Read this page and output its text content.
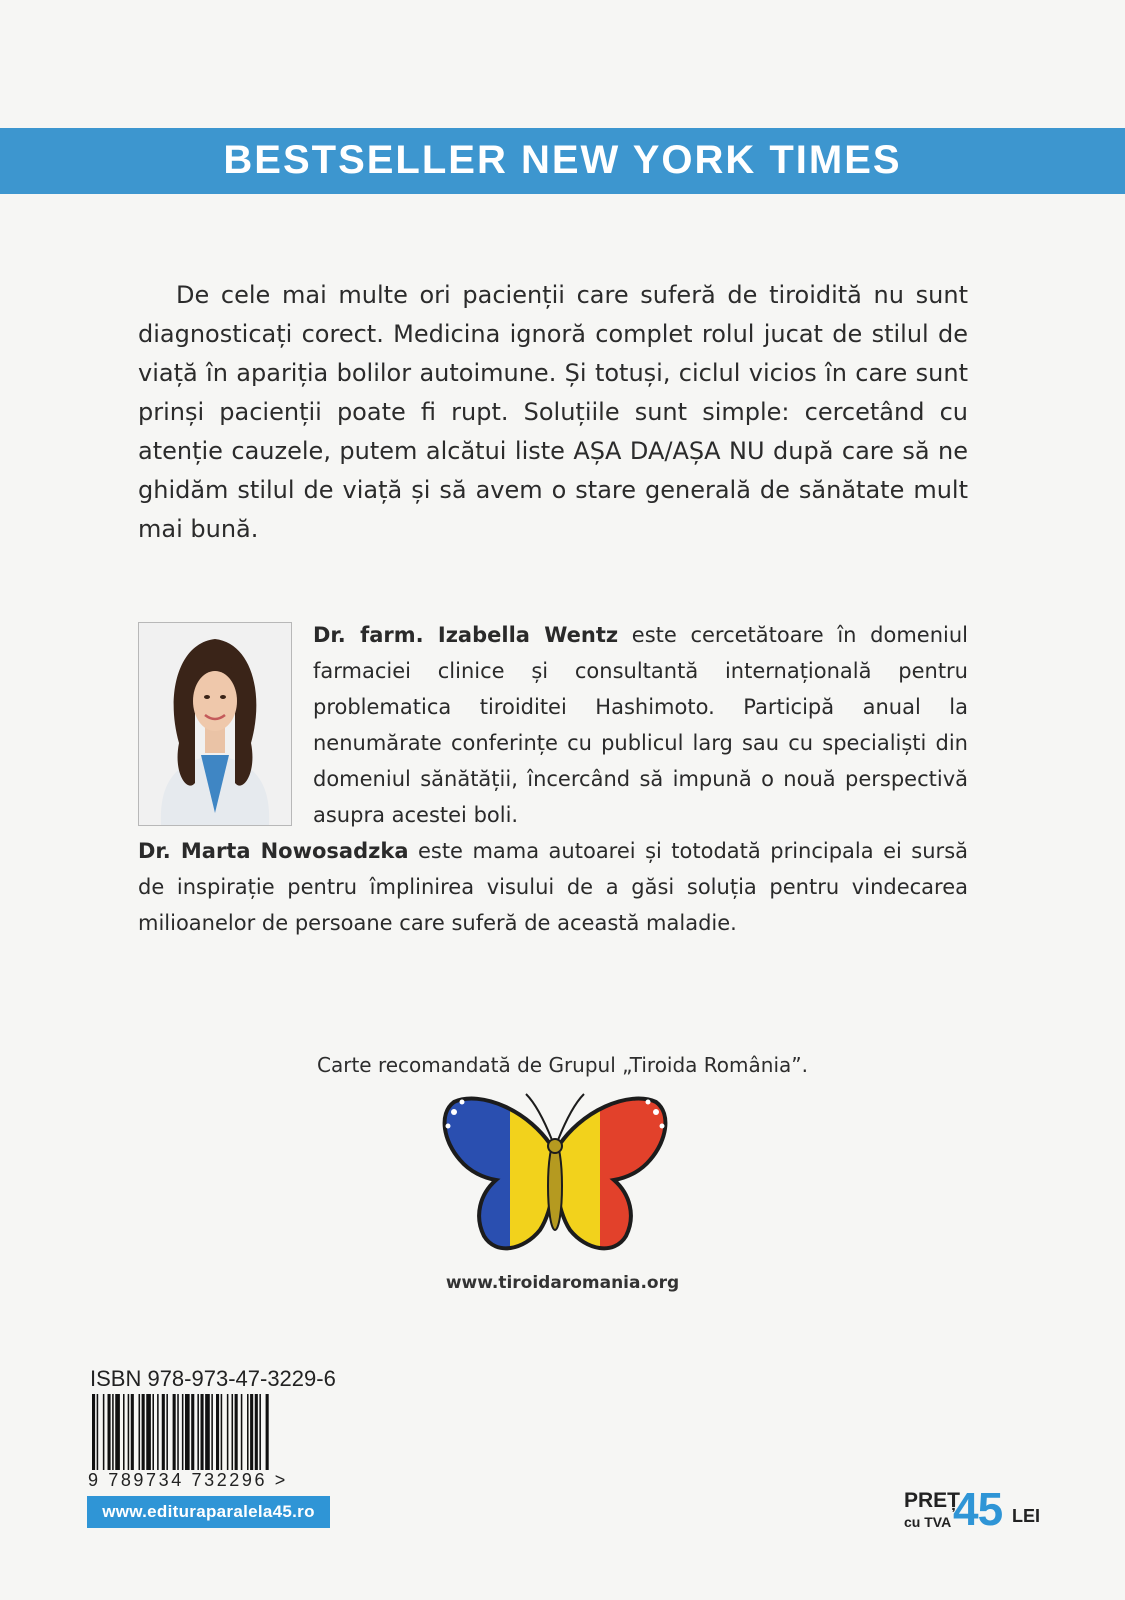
BESTSELLER NEW YORK TIMES

De cele mai multe ori pacienții care suferă de tiroidită nu sunt diagnosticați corect. Medicina ignoră complet rolul jucat de stilul de viață în apariția bolilor autoimune. Și totuși, ciclul vicios în care sunt prinși pacienții poate fi rupt. Soluțiile sunt simple: cercetând cu atenție cauzele, putem alcătui liste AȘA DA/AȘA NU după care să ne ghidăm stilul de viață și să avem o stare generală de sănătate mult mai bună.

Dr. farm. Izabella Wentz este cercetătoare în domeniul farmaciei clinice și consultantă internațională pentru problematica tiroiditei Hashimoto. Participă anual la nenumărate conferințe cu publicul larg sau cu specialiști din domeniul sănătății, încercând să impună o nouă perspectivă asupra acestei boli.

Dr. Marta Nowosadzka este mama autoarei și totodată principala ei sursă de inspirație pentru împlinirea visului de a găsi soluția pentru vindecarea milioanelor de persoane care suferă de această maladie.

Carte recomandată de Grupul „Tiroida România”.
www.tiroidaromania.org
ISBN 978-973-47-3229-6
9 789734 732296 >
www.edituraparalela45.ro	PREȚ
cu TVA 45 LEI
